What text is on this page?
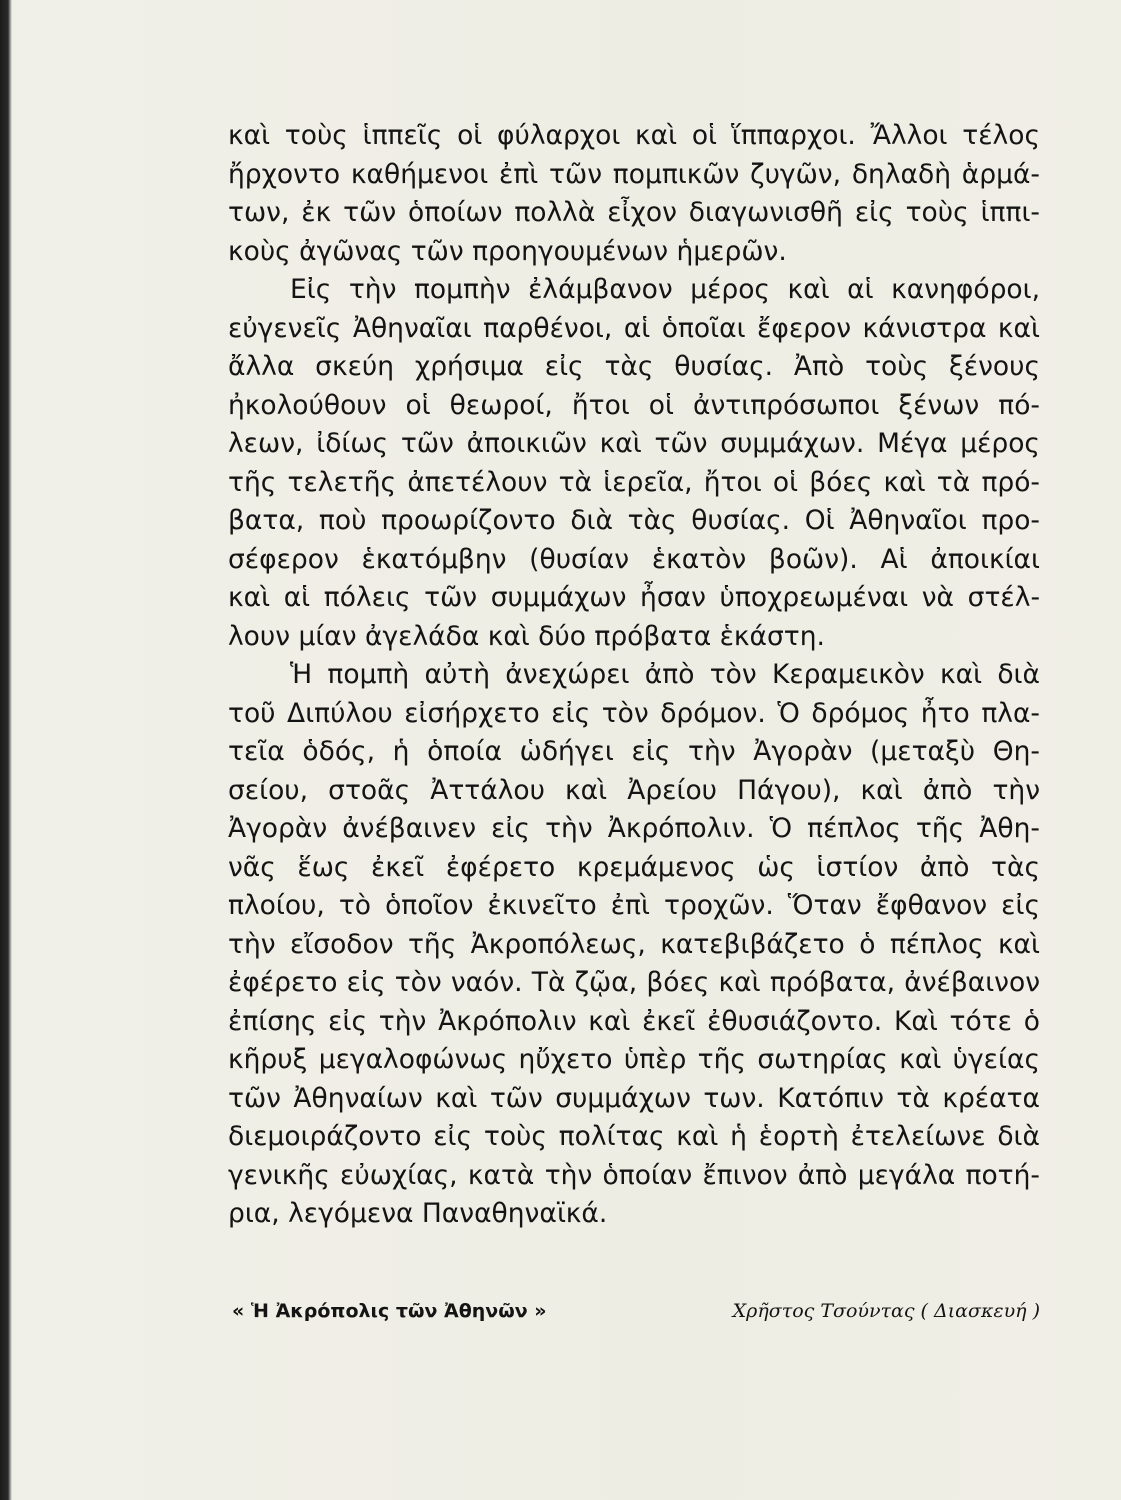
καὶ τοὺς ἱππεῖς οἱ φύλαρχοι καὶ οἱ ἵππαρχοι. Ἄλλοι τέλος
ἤρχοντο καθήμενοι ἐπὶ τῶν πομπικῶν ζυγῶν, δηλαδὴ ἁρμά-
των, ἐκ τῶν ὁποίων πολλὰ εἶχον διαγωνισθῆ εἰς τοὺς ἱππι-
κοὺς ἀγῶνας τῶν προηγουμένων ἡμερῶν.
Εἰς τὴν πομπὴν ἐλάμβανον μέρος καὶ αἱ κανηφόροι,
εὐγενεῖς Ἀθηναῖαι παρθένοι, αἱ ὁποῖαι ἔφερον κάνιστρα καὶ
ἄλλα σκεύη χρήσιμα εἰς τὰς θυσίας. Ἀπὸ τοὺς ξένους
ἠκολούθουν οἱ θεωροί, ἤτοι οἱ ἀντιπρόσωποι ξένων πό-
λεων, ἰδίως τῶν ἀποικιῶν καὶ τῶν συμμάχων. Μέγα μέρος
τῆς τελετῆς ἀπετέλουν τὰ ἱερεῖα, ἤτοι οἱ βόες καὶ τὰ πρό-
βατα, ποὺ προωρίζοντο διὰ τὰς θυσίας. Οἱ Ἀθηναῖοι προ-
σέφερον ἑκατόμβην (θυσίαν ἑκατὸν βοῶν). Αἱ ἀποικίαι
καὶ αἱ πόλεις τῶν συμμάχων ἦσαν ὑποχρεωμέναι νὰ στέλ-
λουν μίαν ἀγελάδα καὶ δύο πρόβατα ἑκάστη.
Ἡ πομπὴ αὐτὴ ἀνεχώρει ἀπὸ τὸν Κεραμεικὸν καὶ διὰ
τοῦ Διπύλου εἰσήρχετο εἰς τὸν δρόμον. Ὁ δρόμος ἦτο πλα-
τεῖα ὁδός, ἡ ὁποία ὡδήγει εἰς τὴν Ἀγορὰν (μεταξὺ Θη-
σείου, στοᾶς Ἀττάλου καὶ Ἀρείου Πάγου), καὶ ἀπὸ τὴν
Ἀγορὰν ἀνέβαινεν εἰς τὴν Ἀκρόπολιν. Ὁ πέπλος τῆς Ἀθη-
νᾶς ἕως ἐκεῖ ἐφέρετο κρεμάμενος ὡς ἱστίον ἀπὸ τὰς
πλοίου, τὸ ὁποῖον ἐκινεῖτο ἐπὶ τροχῶν. Ὅταν ἔφθανον εἰς
τὴν εἴσοδον τῆς Ἀκροπόλεως, κατεβιβάζετο ὁ πέπλος καὶ
ἐφέρετο εἰς τὸν ναόν. Τὰ ζῷα, βόες καὶ πρόβατα, ἀνέβαινον
ἐπίσης εἰς τὴν Ἀκρόπολιν καὶ ἐκεῖ ἐθυσιάζοντο. Καὶ τότε ὁ
κῆρυξ μεγαλοφώνως ηὔχετο ὑπὲρ τῆς σωτηρίας καὶ ὑγείας
τῶν Ἀθηναίων καὶ τῶν συμμάχων των. Κατόπιν τὰ κρέατα
διεμοιράζοντο εἰς τοὺς πολίτας καὶ ἡ ἑορτὴ ἐτελείωνε διὰ
γενικῆς εὐωχίας, κατὰ τὴν ὁποίαν ἔπινον ἀπὸ μεγάλα ποτή-
ρια, λεγόμενα Παναθηναϊκά.
« Ἡ Ἀκρόπολις τῶν Ἀθηνῶν »	Χρῆστος Τσούντας ( Διασκευή )
